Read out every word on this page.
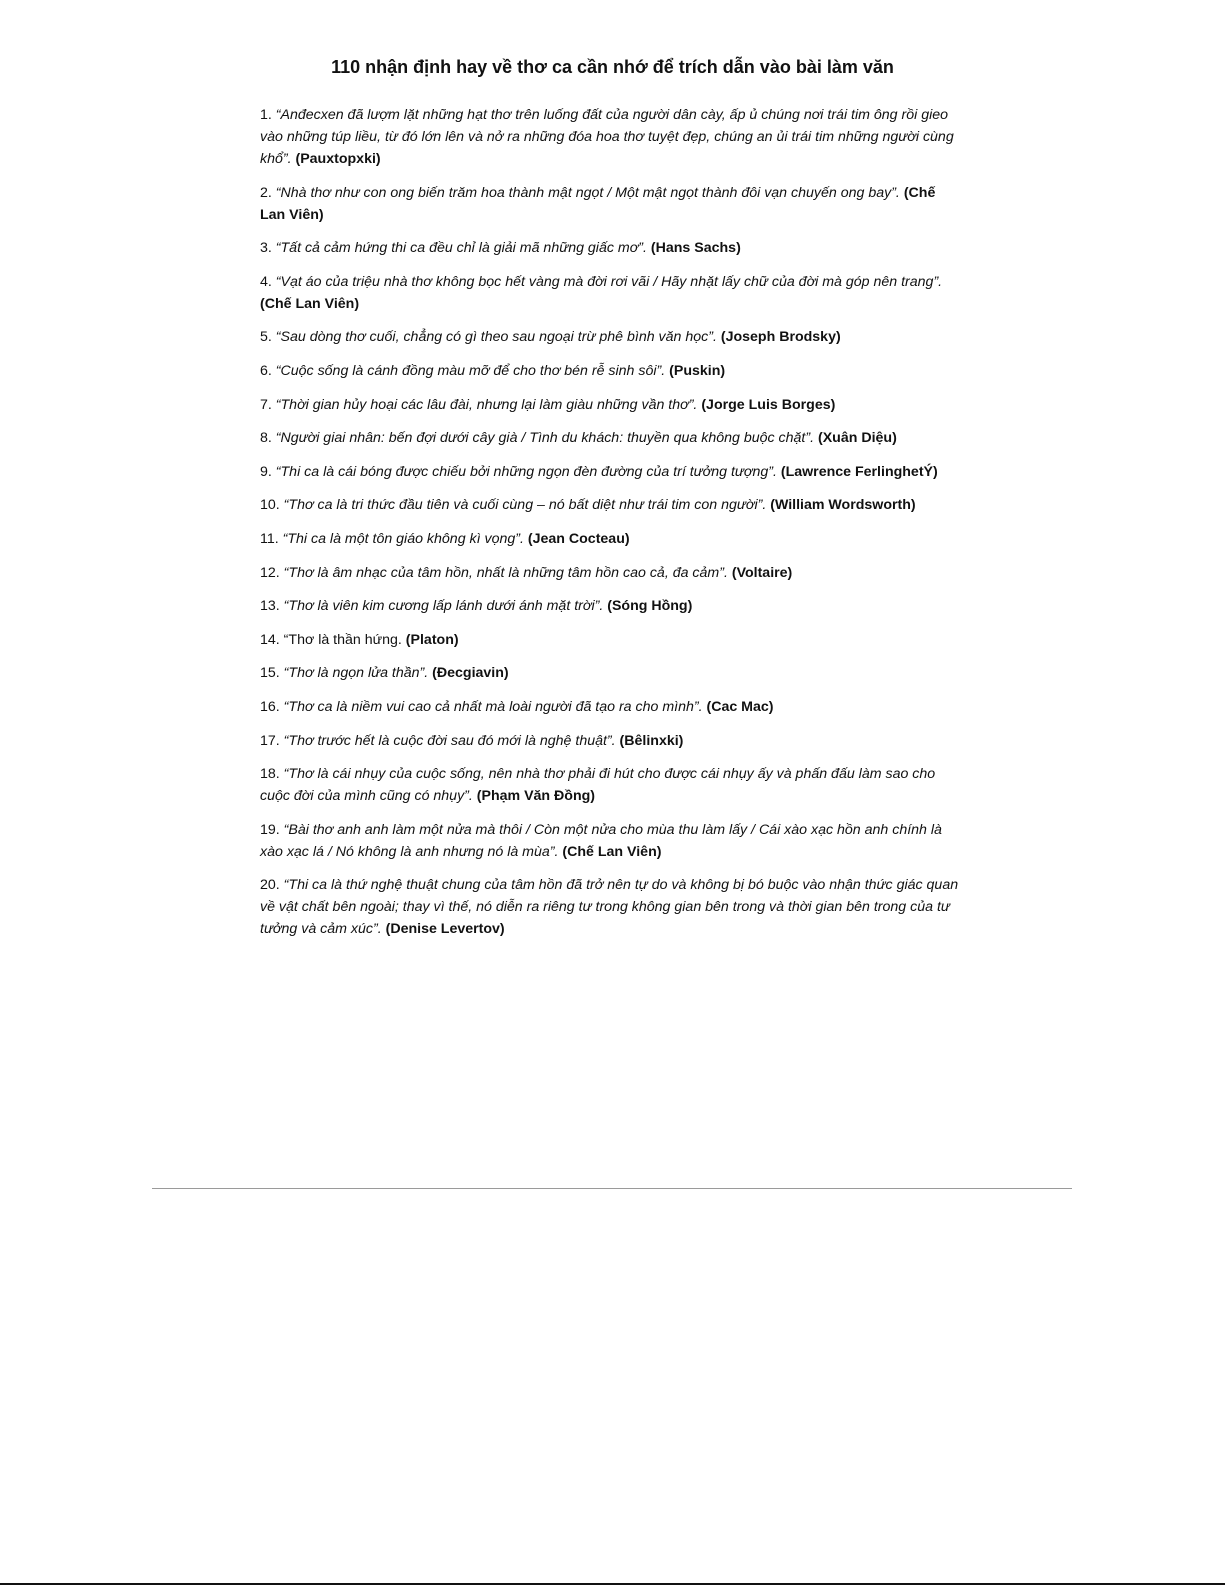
110 nhận định hay về thơ ca cần nhớ để trích dẫn vào bài làm văn

1. “Anđecxen đã lượm lặt những hạt thơ trên luống đất của người dân cày, ấp ủ chúng nơi trái tim ông rồi gieo vào những túp liều, từ đó lớn lên và nở ra những đóa hoa thơ tuyệt đẹp, chúng an ủi trái tim những người cùng khổ”. (Pauxtopxki)

2. “Nhà thơ như con ong biến trăm hoa thành mật ngọt / Một mật ngọt thành đôi vạn chuyến ong bay”. (Chế Lan Viên)

3. “Tất cả cảm hứng thi ca đều chỉ là giải mã những giấc mơ”. (Hans Sachs)

4. “Vạt áo của triệu nhà thơ không bọc hết vàng mà đời rơi vãi / Hãy nhặt lấy chữ của đời mà góp nên trang”. (Chế Lan Viên)

5. “Sau dòng thơ cuối, chẳng có gì theo sau ngoại trừ phê bình văn học”. (Joseph Brodsky)

6. “Cuộc sống là cánh đồng màu mỡ để cho thơ bén rễ sinh sôi”. (Puskin)

7. “Thời gian hủy hoại các lâu đài, nhưng lại làm giàu những vần thơ”. (Jorge Luis Borges)

8. “Người giai nhân: bến đợi dưới cây già / Tình du khách: thuyền qua không buộc chặt”. (Xuân Diệu)

9. “Thi ca là cái bóng được chiếu bởi những ngọn đèn đường của trí tưởng tượng”. (Lawrence FerlinghetÝ)

10. “Thơ ca là tri thức đầu tiên và cuối cùng – nó bất diệt như trái tim con người”. (William Wordsworth)

11. “Thi ca là một tôn giáo không kì vọng”. (Jean Cocteau)

12. “Thơ là âm nhạc của tâm hồn, nhất là những tâm hồn cao cả, đa cảm”. (Voltaire)

13. “Thơ là viên kim cương lấp lánh dưới ánh mặt trời”. (Sóng Hồng)

14. “Thơ là thần hứng. (Platon)

15. “Thơ là ngọn lửa thần”. (Đecgiavin)

16. “Thơ ca là niềm vui cao cả nhất mà loài người đã tạo ra cho mình”. (Cac Mac)

17. “Thơ trước hết là cuộc đời sau đó mới là nghệ thuật”. (Bêlinxki)

18. “Thơ là cái nhụy của cuộc sống, nên nhà thơ phải đi hút cho được cái nhụy ấy và phấn đấu làm sao cho cuộc đời của mình cũng có nhụy”. (Phạm Văn Đồng)

19. “Bài thơ anh anh làm một nửa mà thôi / Còn một nửa cho mùa thu làm lấy / Cái xào xạc hồn anh chính là xào xạc lá / Nó không là anh nhưng nó là mùa”. (Chế Lan Viên)

20. “Thi ca là thứ nghệ thuật chung của tâm hồn đã trở nên tự do và không bị bó buộc vào nhận thức giác quan về vật chất bên ngoài; thay vì thế, nó diễn ra riêng tư trong không gian bên trong và thời gian bên trong của tư tưởng và cảm xúc”. (Denise Levertov)
